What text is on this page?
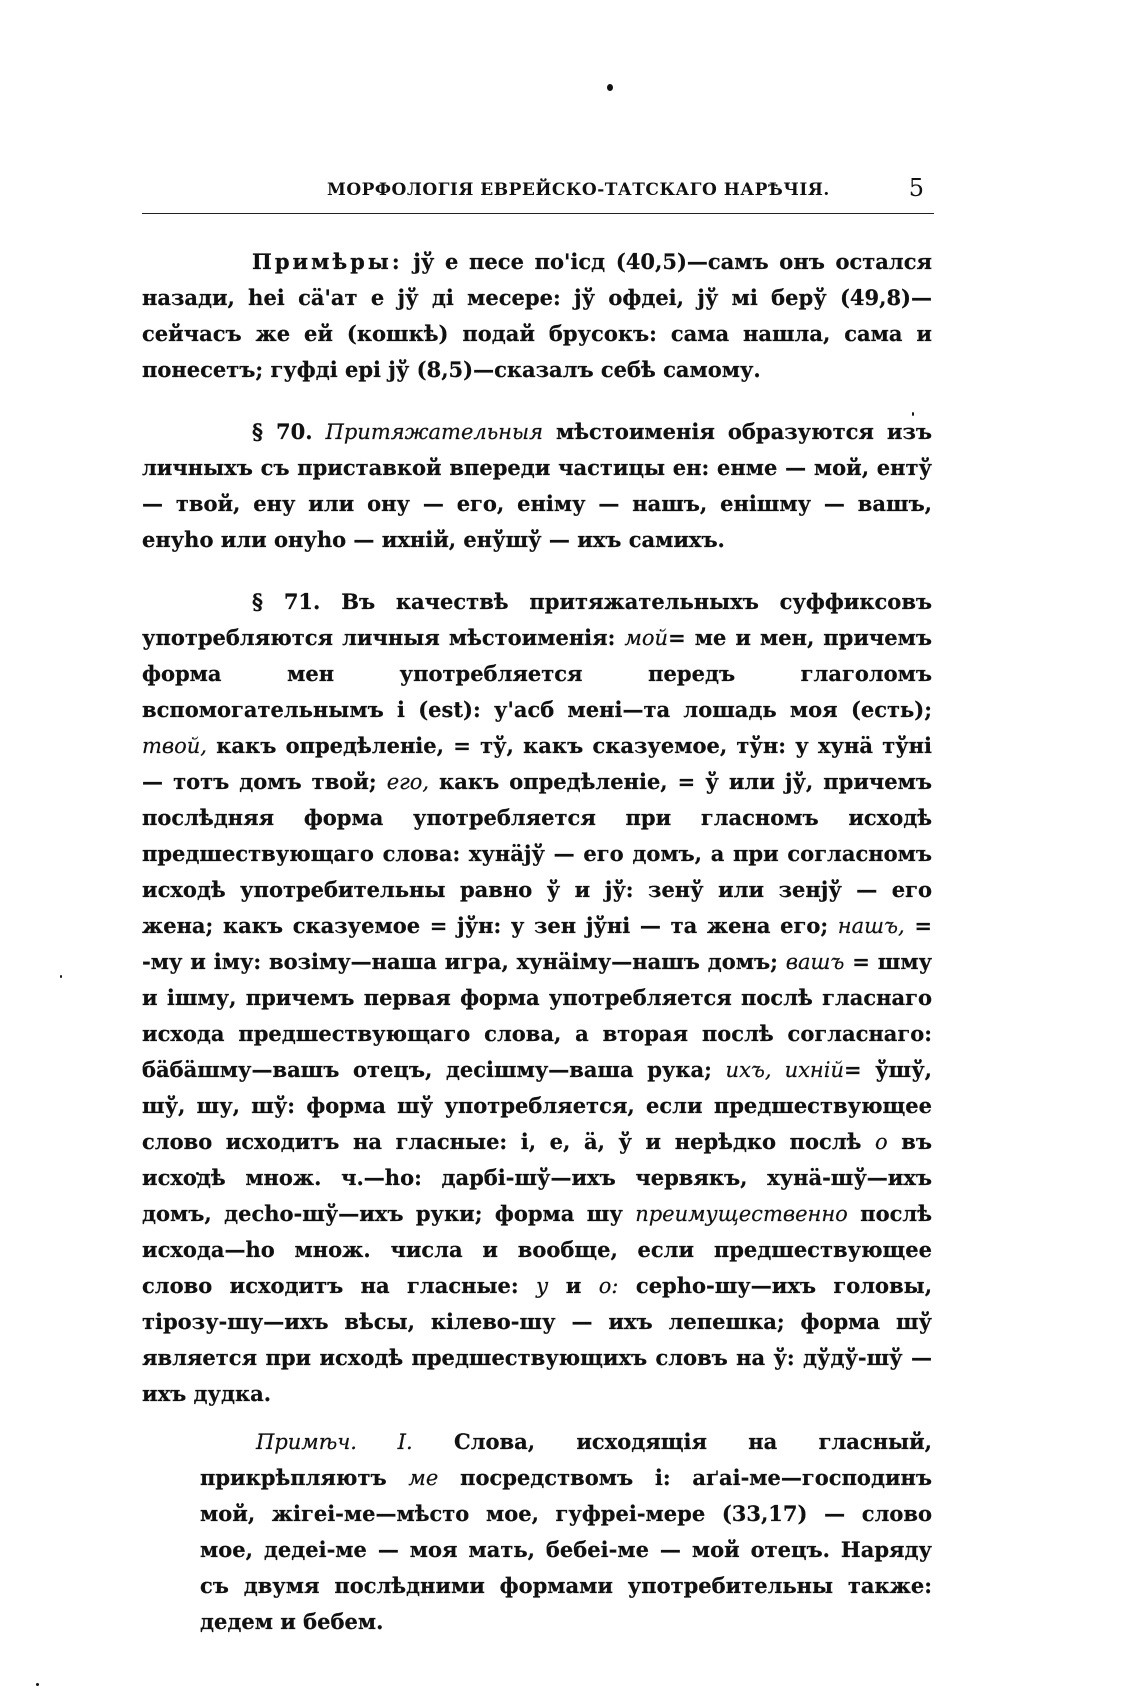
МОРФОЛОГІЯ ЕВРЕЙСКО-ТАТСКАГО НАРѢЧІЯ.	5

Примѣры: jў е песе по'ісд (40,5)—самъ онъ остался назади, hеі сӓ'ат е jў ді месере: jў офдеі, jў мі берў (49,8)—сейчасъ же ей (кошкѣ) подай брусокъ: сама нашла, сама и понесетъ; гуфді ері jў (8,5)—сказалъ себѣ самому.

§ 70. Притяжательныя мѣстоименія образуются изъ личныхъ съ приставкой впереди частицы ен: енме — мой, ентў — твой, ену или ону — его, еніму — нашъ, енішму — вашъ, енуhо или онуhо — ихній, енўшў — ихъ самихъ.

§ 71. Въ качествѣ притяжательныхъ суффиксовъ употребляются личныя мѣстоименія: мой= ме и мен, причемъ форма мен употребляется передъ глаголомъ вспомогательнымъ і (est): у'асб мені—та лошадь моя (есть); твой, какъ опредѣленіе, = тў, какъ сказуемое, тўн: у хунӓ тўні— тотъ домъ твой; его, какъ опредѣленіе, = ў или jў, причемъ послѣдняя форма употребляется при гласномъ исходѣ предшествующаго слова: хунӓjў — его домъ, а при согласномъ исходѣ употребительны равно ў и jў: зенў или зенjў — его жена; какъ сказуемое = jўн: у зен jўні — та жена его; нашъ, = -му и іму: возіму—наша игра, хунӓіму—нашъ домъ; вашъ = шму и ішму, причемъ первая форма употребляется послѣ гласнаго исхода предшествующаго слова, а вторая послѣ согласнаго: бӓбӓшму—вашъ отецъ, десішму—ваша рука; ихъ, ихній= ўшў, шў, шу, шў: форма шў употребляется, если предшествующее слово исходитъ на гласные: і, е, ӓ, ў и нерѣдко послѣ о въ исходѣ множ. ч.—hо: дарбі-шў—ихъ червякъ, хунӓ-шў—ихъ домъ, десhо-шў—ихъ руки; форма шу преимущественно послѣ исхода—hо множ. числа и вообще, если предшествующее слово исходитъ на гласные: у и о: серhо-шу—ихъ головы, тірозу-шу—ихъ вѣсы, кілево-шу — ихъ лепешка; форма шў является при исходѣ предшествующихъ словъ на ў: дўдў-шў — ихъ дудка.

Примѣч. I. Слова, исходящія на гласный, прикрѣпляютъ ме посредствомъ і: аґаі-ме—господинъ мой, жігеі-ме—мѣсто мое, гуфреі-мере (33,17) — слово мое, дедеі-ме — моя мать, бебеі-ме — мой отецъ. Наряду съ двумя послѣдними формами употребительны также: дедем и бебем.
